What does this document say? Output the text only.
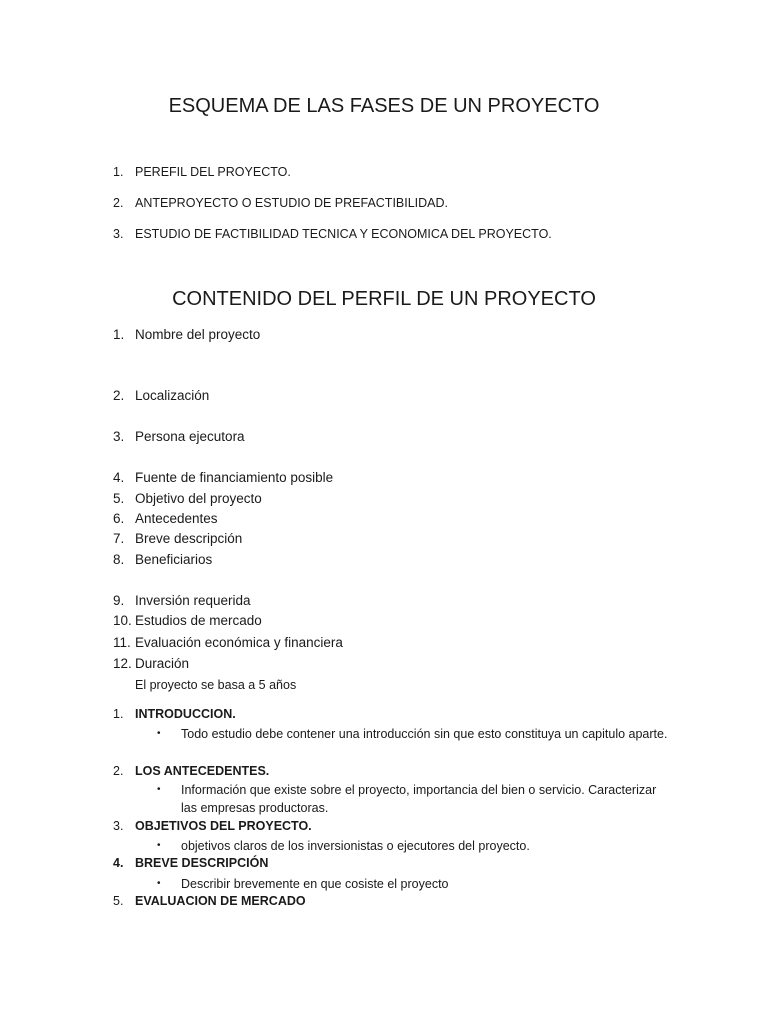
ESQUEMA DE LAS FASES DE UN PROYECTO
1. PEREFIL DEL PROYECTO.
2. ANTEPROYECTO O ESTUDIO DE PREFACTIBILIDAD.
3. ESTUDIO DE FACTIBILIDAD TECNICA Y ECONOMICA DEL PROYECTO.
CONTENIDO DEL PERFIL DE UN PROYECTO
1. Nombre del proyecto
2. Localización
3. Persona ejecutora
4. Fuente de financiamiento posible
5. Objetivo del proyecto
6. Antecedentes
7. Breve descripción
8. Beneficiarios
9. Inversión requerida
10. Estudios de mercado
11. Evaluación económica y financiera
12. Duración
El proyecto se basa a 5 años
1. INTRODUCCION.
• Todo estudio debe contener una introducción sin que esto constituya un capitulo aparte.
2. LOS ANTECEDENTES.
• Información que existe sobre el proyecto, importancia del bien o servicio. Caracterizar las empresas productoras.
3. OBJETIVOS DEL PROYECTO.
• objetivos claros de los inversionistas o ejecutores del proyecto.
4. BREVE DESCRIPCIÓN
• Describir brevemente en que cosiste el proyecto
5. EVALUACION DE MERCADO
